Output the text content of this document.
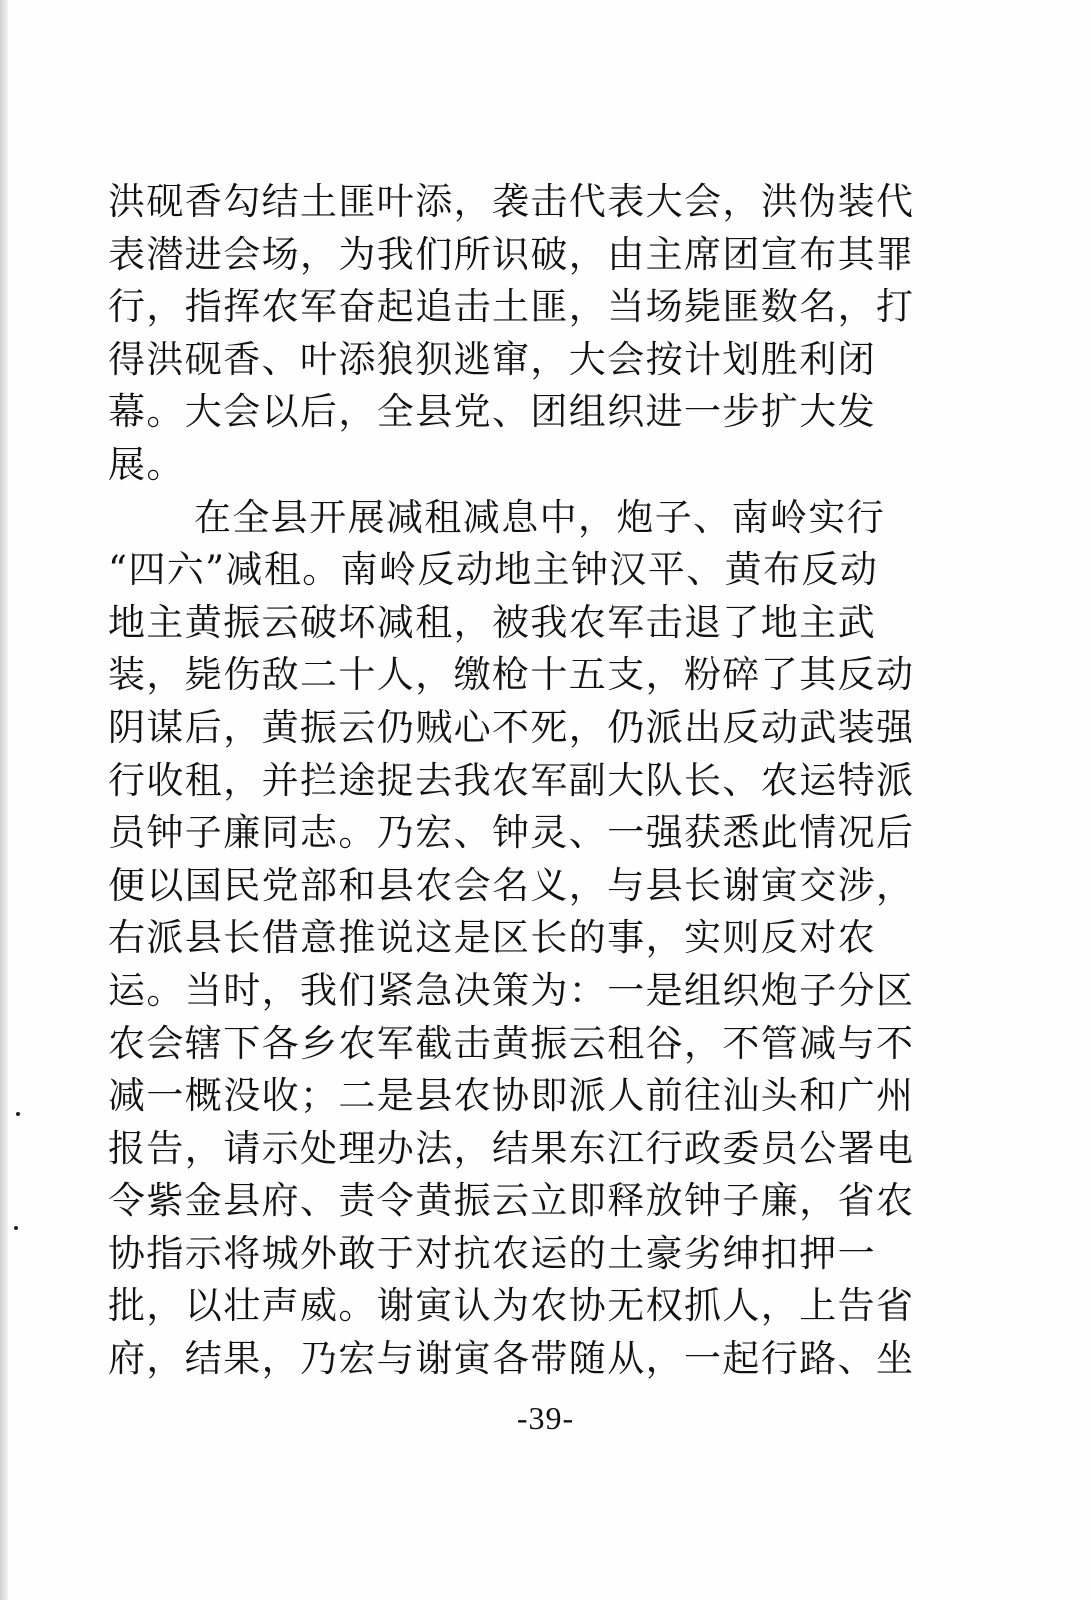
洪砚香勾结土匪叶添，袭击代表大会，洪伪装代
表潜进会场，为我们所识破，由主席团宣布其罪
行，指挥农军奋起追击土匪，当场毙匪数名，打
得洪砚香、叶添狼狈逃窜，大会按计划胜利闭
幕。大会以后，全县党、团组织进一步扩大发
展。
在全县开展减租减息中，炮子、南岭实行
“四六”减租。南岭反动地主钟汉平、黄布反动
地主黄振云破坏减租，被我农军击退了地主武
装，毙伤敌二十人，缴枪十五支，粉碎了其反动
阴谋后，黄振云仍贼心不死，仍派出反动武装强
行收租，并拦途捉去我农军副大队长、农运特派
员钟子廉同志。乃宏、钟灵、一强获悉此情况后
便以国民党部和县农会名义，与县长谢寅交涉，
右派县长借意推说这是区长的事，实则反对农
运。当时，我们紧急决策为：一是组织炮子分区
农会辖下各乡农军截击黄振云租谷，不管减与不
减一概没收；二是县农协即派人前往汕头和广州
报告，请示处理办法，结果东江行政委员公署电
令紫金县府、责令黄振云立即释放钟子廉，省农
协指示将城外敢于对抗农运的土豪劣绅扣押一
批，以壮声威。谢寅认为农协无权抓人，上告省
府，结果，乃宏与谢寅各带随从，一起行路、坐
-39-
